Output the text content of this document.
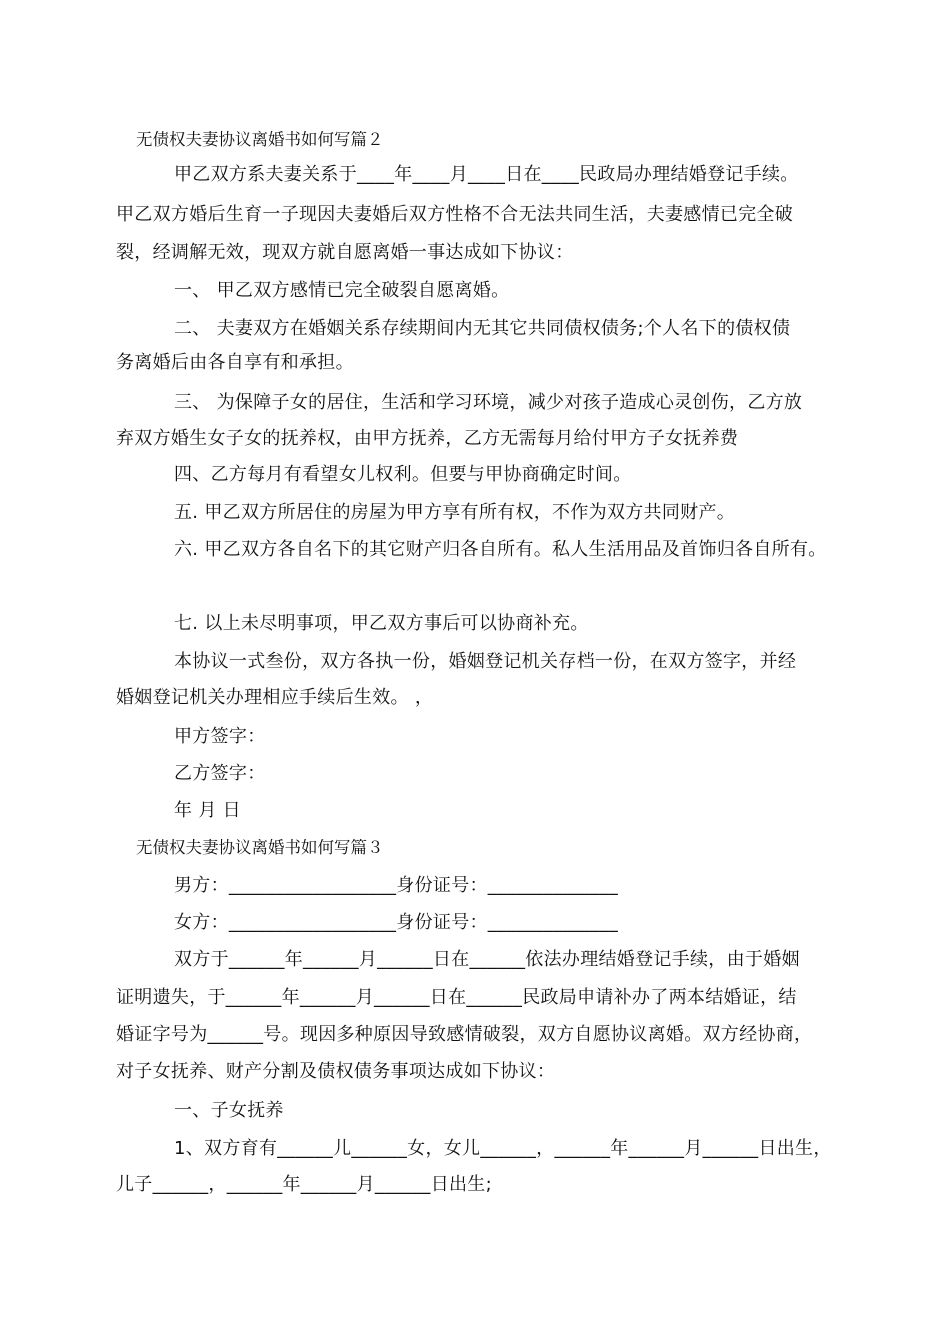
无债权夫妻协议离婚书如何写篇２
甲乙双方系夫妻关系于____年____月____日在____民政局办理结婚登记手续。
甲乙双方婚后生育一子现因夫妻婚后双方性格不合无法共同生活，夫妻感情已完全破
裂，经调解无效，现双方就自愿离婚一事达成如下协议：
一、 甲乙双方感情已完全破裂自愿离婚。
二、 夫妻双方在婚姻关系存续期间内无其它共同债权债务;个人名下的债权债
务离婚后由各自享有和承担。
三、 为保障子女的居住，生活和学习环境，减少对孩子造成心灵创伤，乙方放
弃双方婚生女子女的抚养权，由甲方抚养，乙方无需每月给付甲方子女抚养费
四、乙方每月有看望女儿权利。但要与甲协商确定时间。
五. 甲乙双方所居住的房屋为甲方享有所有权，不作为双方共同财产。
六. 甲乙双方各自名下的其它财产归各自所有。私人生活用品及首饰归各自所有。
七. 以上未尽明事项，甲乙双方事后可以协商补充。
本协议一式叁份，双方各执一份，婚姻登记机关存档一份，在双方签字，并经
婚姻登记机关办理相应手续后生效。 ，
甲方签字：
乙方签字：
年 月 日
无债权夫妻协议离婚书如何写篇３
男方：__________________身份证号：______________
女方：__________________身份证号：______________
双方于______年______月______日在______依法办理结婚登记手续，由于婚姻
证明遗失，于______年______月______日在______民政局申请补办了两本结婚证，结
婚证字号为______号。现因多种原因导致感情破裂，双方自愿协议离婚。双方经协商，
对子女抚养、财产分割及债权债务事项达成如下协议：
一、子女抚养
1、双方育有______儿______女，女儿______，______年______月______日出生，
儿子______，______年______月______日出生;
